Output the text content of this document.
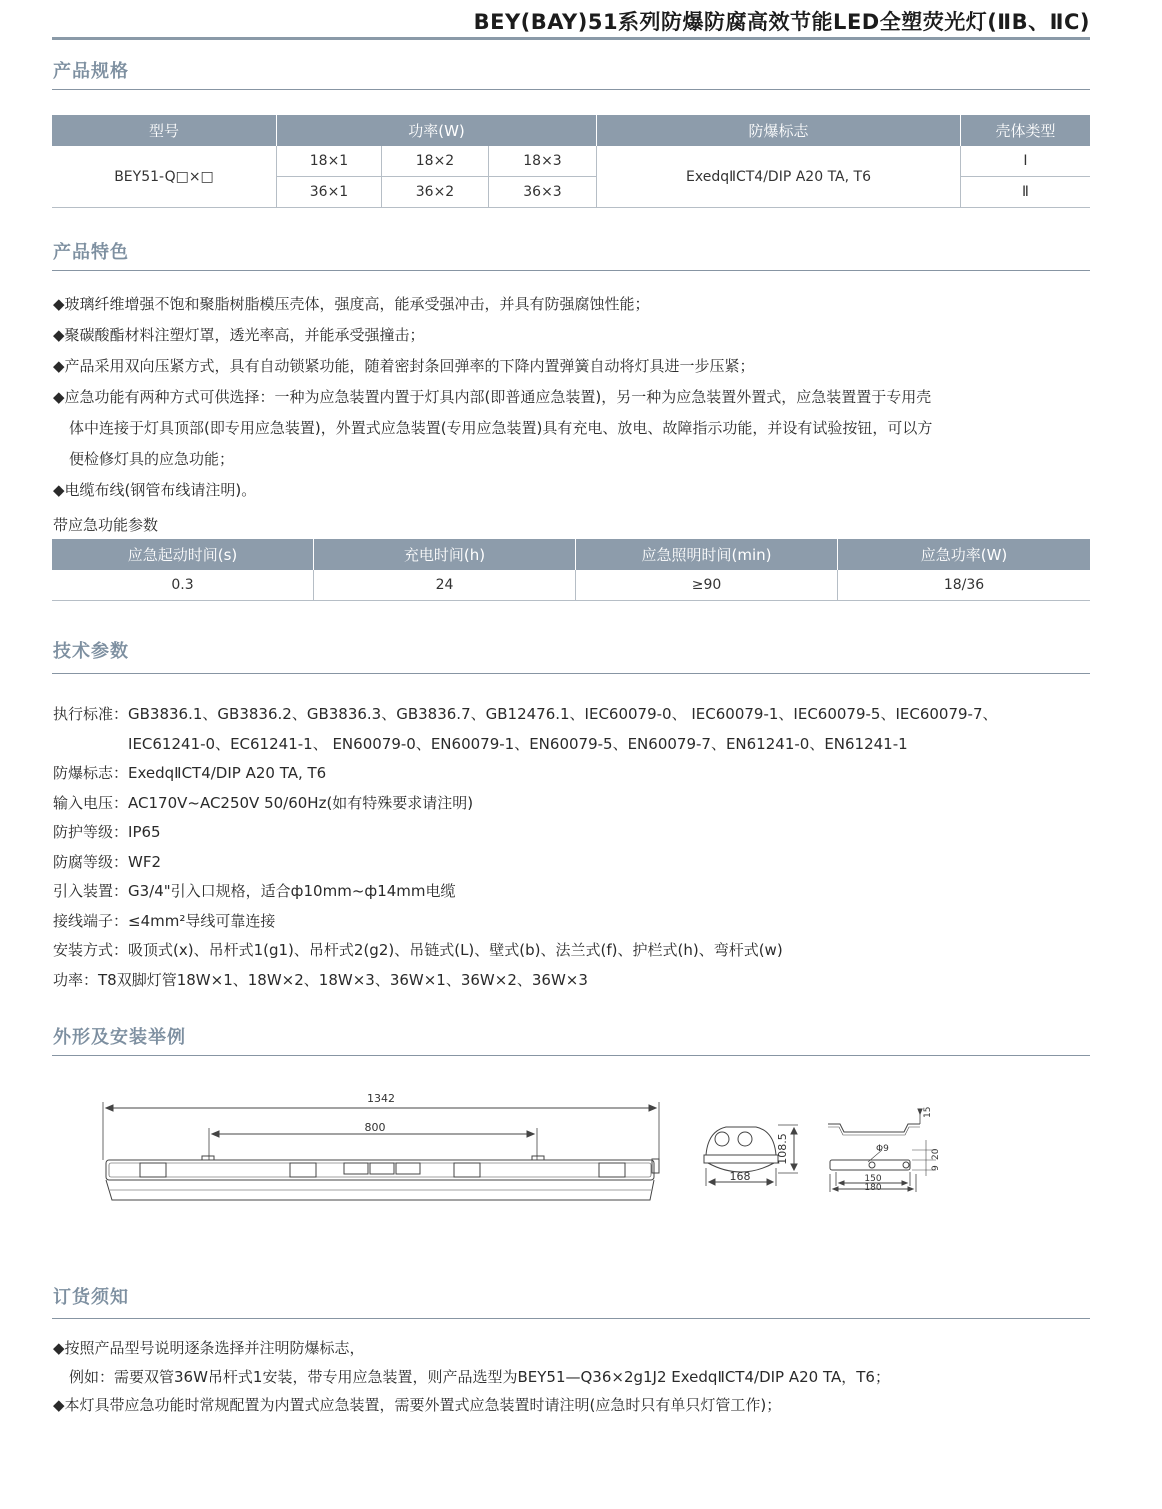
BEY(BAY)51系列防爆防腐高效节能LED全塑荧光灯(ⅡB、ⅡC)
产品规格
型号	功率(W)			防爆标志	壳体类型
BEY51-Q□×□	18×1	18×2	18×3	ExedqⅡCT4/DIP A20 TA, T6	Ⅰ
	36×1	36×2	36×3		Ⅱ
产品特色

◆玻璃纤维增强不饱和聚脂树脂模压壳体，强度高，能承受强冲击，并具有防强腐蚀性能；

◆聚碳酸酯材料注塑灯罩，透光率高，并能承受强撞击；

◆产品采用双向压紧方式，具有自动锁紧功能，随着密封条回弹率的下降内置弹簧自动将灯具进一步压紧；

◆应急功能有两种方式可供选择：一种为应急装置内置于灯具内部(即普通应急装置)，另一种为应急装置外置式，应急装置置于专用壳

体中连接于灯具顶部(即专用应急装置)，外置式应急装置(专用应急装置)具有充电、放电、故障指示功能，并设有试验按钮，可以方

便检修灯具的应急功能；

◆电缆布线(钢管布线请注明)。

带应急功能参数
应急起动时间(s)	充电时间(h)	应急照明时间(min)	应急功率(W)
0.3	24	≥90	18/36
技术参数
执行标准： GB3836.1、GB3836.2、GB3836.3、GB3836.7、GB12476.1、IEC60079-0、 IEC60079-1、IEC60079-5、IEC60079-7、
IEC61241-0、EC61241-1、 EN60079-0、EN60079-1、EN60079-5、EN60079-7、EN61241-0、EN61241-1
防爆标志： ExedqⅡCT4/DIP A20 TA, T6
输入电压： AC170V~AC250V 50/60Hz(如有特殊要求请注明)
防护等级： IP65
防腐等级： WF2
引入装置： G3/4"引入口规格，适合ф10mm~ф14mm电缆
接线端子： ≤4mm²导线可靠连接
安装方式： 吸顶式(x)、吊杆式1(g1)、吊杆式2(g2)、吊链式(L)、壁式(b)、法兰式(f)、护栏式(h)、弯杆式(w)
功率： T8双脚灯管18W×1、18W×2、18W×3、36W×1、36W×2、36W×3
外形及安装举例
1342
800
168
108.5	Φ9
150
180
15
20
9
订货须知

◆按照产品型号说明逐条选择并注明防爆标志，

例如：需要双管36W吊杆式1安装，带专用应急装置，则产品选型为BEY51—Q36×2g1J2 ExedqⅡCT4/DIP A20 TA，T6；

◆本灯具带应急功能时常规配置为内置式应急装置，需要外置式应急装置时请注明(应急时只有单只灯管工作)；
